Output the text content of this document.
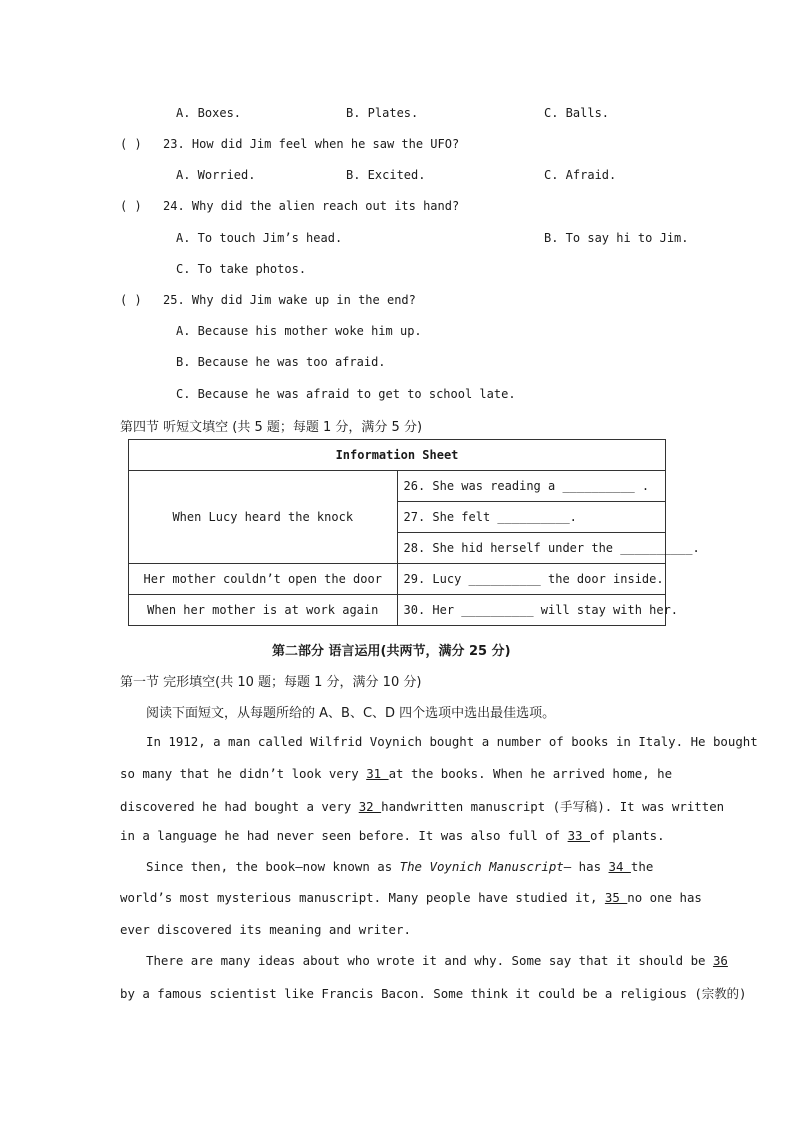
A. Boxes.	B. Plates.	C. Balls.
( ) 23. How did Jim feel when he saw the UFO?
A. Worried.	B. Excited.	C. Afraid.
( ) 24. Why did the alien reach out its hand?
A. To touch Jim’s head.	B. To say hi to Jim.
C. To take photos.
( ) 25. Why did Jim wake up in the end?
A. Because his mother woke him up.
B. Because he was too afraid.
C. Because he was afraid to get to school late.
第四节 听短文填空 (共 5 题；每题 1 分，满分 5 分)
Information Sheet	
When Lucy heard the knock	26. She was reading a __________ .
	27. She felt __________.
	28. She hid herself under the __________.
Her mother couldn’t open the door	29. Lucy __________ the door inside.
When her mother is at work again	30. Her __________ will stay with her.
第二部分 语言运用(共两节，满分 25 分)
第一节 完形填空(共 10 题；每题 1 分，满分 10 分)
阅读下面短文，从每题所给的 A、B、C、D 四个选项中选出最佳选项。
In 1912, a man called Wilfrid Voynich bought a number of books in Italy. He bought
so many that he didn’t look very 31 at the books. When he arrived home, he
discovered he had bought a very 32 handwritten manuscript (手写稿). It was written
in a language he had never seen before. It was also full of 33 of plants.
Since then, the book—now known as The Voynich Manuscript— has 34 the
world’s most mysterious manuscript. Many people have studied it, 35 no one has
ever discovered its meaning and writer.
There are many ideas about who wrote it and why. Some say that it should be 36
by a famous scientist like Francis Bacon. Some think it could be a religious (宗教的)
